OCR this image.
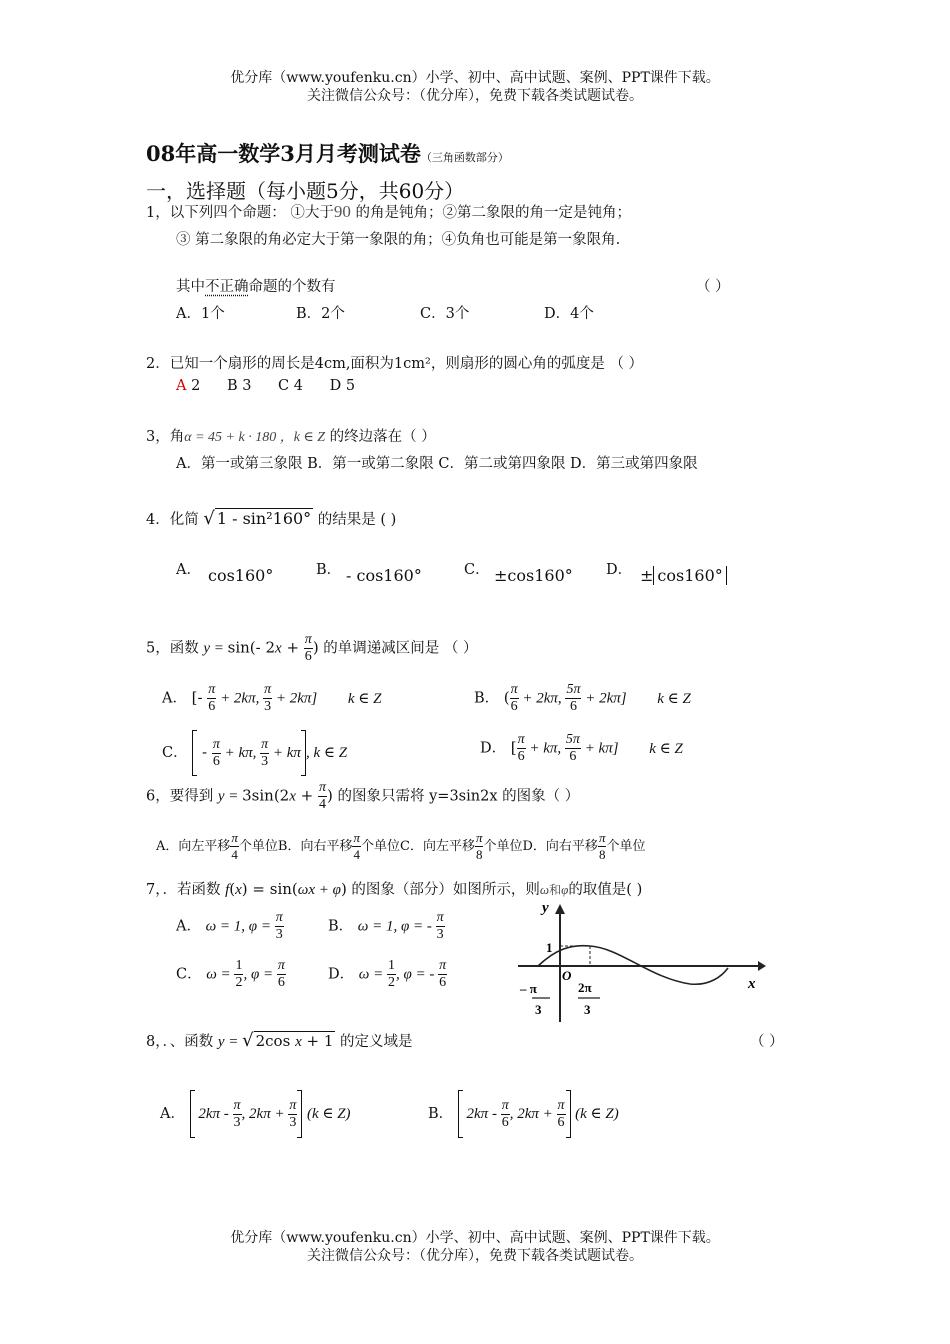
优分库（www.youfenku.cn）小学、初中、高中试题、案例、PPT课件下载。
关注微信公众号：（优分库），免费下载各类试题试卷。
08年高一数学3月月考测试卷（三角函数部分）
一，选择题（每小题5分，共60分）
1，以下列四个命题： ①大于90 的角是钝角；②第二象限的角一定是钝角；
③ 第二象限的角必定大于第一象限的角；④负角也可能是第一象限角.
其中不正确命题的个数有	（ ）
A．1个	B．2个	C．3个	D．4个
2．已知一个扇形的周长是4cm,面积为1cm²，则扇形的圆心角的弧度是 （ ）
A 2 B 3 C 4 D 5
3，角α = 45 + k · 180 ，k ∈ Z 的终边落在（ ）
A．第一或第三象限 B．第一或第二象限 C．第二或第四象限 D．第三或第四象限
4．化简 √ 1 - sin²160° 的结果是 ( )
A． cos160°	B． - cos160°	C． ±cos160° D． ± cos160°
5，函数 y = sin(- $2x + \frac{\pi}{6}$ ) 的单调递减区间是 （ ）
A． [- $\frac{\pi}{6} + 2k\pi$, $\frac{\pi}{3} + 2k\pi$] k ∈ Z	B． ( $\frac{\pi}{6} + 2k\pi$, $\frac{5\pi}{6} + 2k\pi$] k ∈ Z
C．  - $\frac{\pi}{6} + k\pi$, $\frac{\pi}{3} + k\pi$ , k ∈ Z	D． [ $\frac{\pi}{6} + k\pi$, $\frac{5\pi}{6} + k\pi$] k ∈ Z
6，要得到 $y = 3\sin(2x + \frac{\pi}{4}$ ) 的图象只需将 y=3sin2x 的图象（ ）
A．向左平移 $\frac{\pi}{4}$ 个单位B．向右平移 $\frac{\pi}{4}$ 个单位C．向左平移 $\frac{\pi}{8}$ 个单位D．向右平移 $\frac{\pi}{8}$ 个单位
7，．若函数 f(x) = sin(ωx + φ) 的图象（部分）如图所示，则ω和φ的取值是( )
A． ω = 1, $\varphi = \frac{\pi}{3}$	B． ω = 1, φ = - $\frac{\pi}{3}$
C． $\omega = \frac{1}{2}$ , $\varphi = \frac{\pi}{6}$	D． $\omega = \frac{1}{2}$ , φ = - $\frac{\pi}{6}$
y
x
1
O
– π
3
2π
3
8，．、函数 y = √ 2cos x + 1 的定义域是	（ ）
A．  $2k\pi - \frac{\pi}{3}$ , $2k\pi + \frac{\pi}{3} (k$ ∈ Z)	B．  $2k\pi - \frac{\pi}{6}$ , $2k\pi + \frac{\pi}{6} (k$ ∈ Z)
优分库（www.youfenku.cn）小学、初中、高中试题、案例、PPT课件下载。
关注微信公众号：（优分库），免费下载各类试题试卷。
